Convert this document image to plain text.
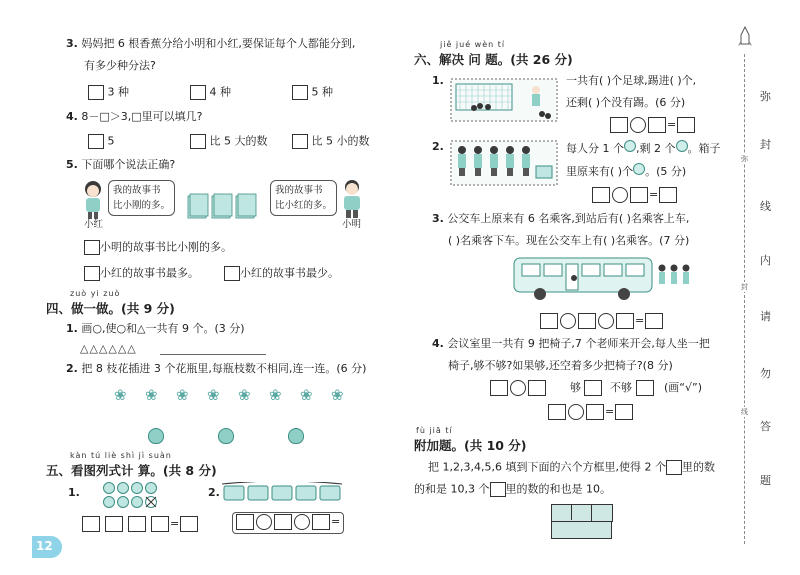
3. 妈妈把 6 根香蕉分给小明和小红,要保证每个人都能分到,
有多少种分法?
3 种	4 种	5 种
4. 8－□＞3,□里可以填几?
5	比 5 大的数	比 5 小的数
5. 下面哪个说法正确?
我的故事书
比小刚的多。
小红
我的故事书
比小红的多。
小明
小明的故事书比小刚的多。
小红的故事书最多。	小红的故事书最少。
zuò yi zuò
四、做一做。(共 9 分)
1. 画○,使○和△一共有 9 个。(3 分)
△△△△△△
2. 把 8 枝花插进 3 个花瓶里,每瓶枝数不相同,连一连。(6 分)
❀ ❀ ❀ ❀ ❀ ❀ ❀ ❀
kàn tú liè shì jì suàn
五、看图列式计 算。(共 8 分)
1.
=
2.
=
12
jiě jué wèn tí
六、解决 问 题。(共 26 分)
1.	一共有( )个足球,踢进( )个,
还剩( )个没有踢。(6 分)
=
2.	每人分 1 个 ,剩 2 个 。箱子
里原来有( )个 。(5 分)
=
3. 公交车上原来有 6 名乘客,到站后有( )名乘客上车,
( )名乘客下车。现在公交车上有( )名乘客。(7 分)
=
4. 会议室里一共有 9 把椅子,7 个老师来开会,每人坐一把
椅子,够不够?如果够,还空着多少把椅子?(8 分)
够	不够	(画“√”)
=
fù jiā tí
附加题。(共 10 分)
把 1,2,3,4,5,6 填到下面的六个方框里,使得 2 个 里的数
的和是 10,3 个 里的数的和也是 10。
弥
封
线
内
请
勿
答
题
弥
封
线
